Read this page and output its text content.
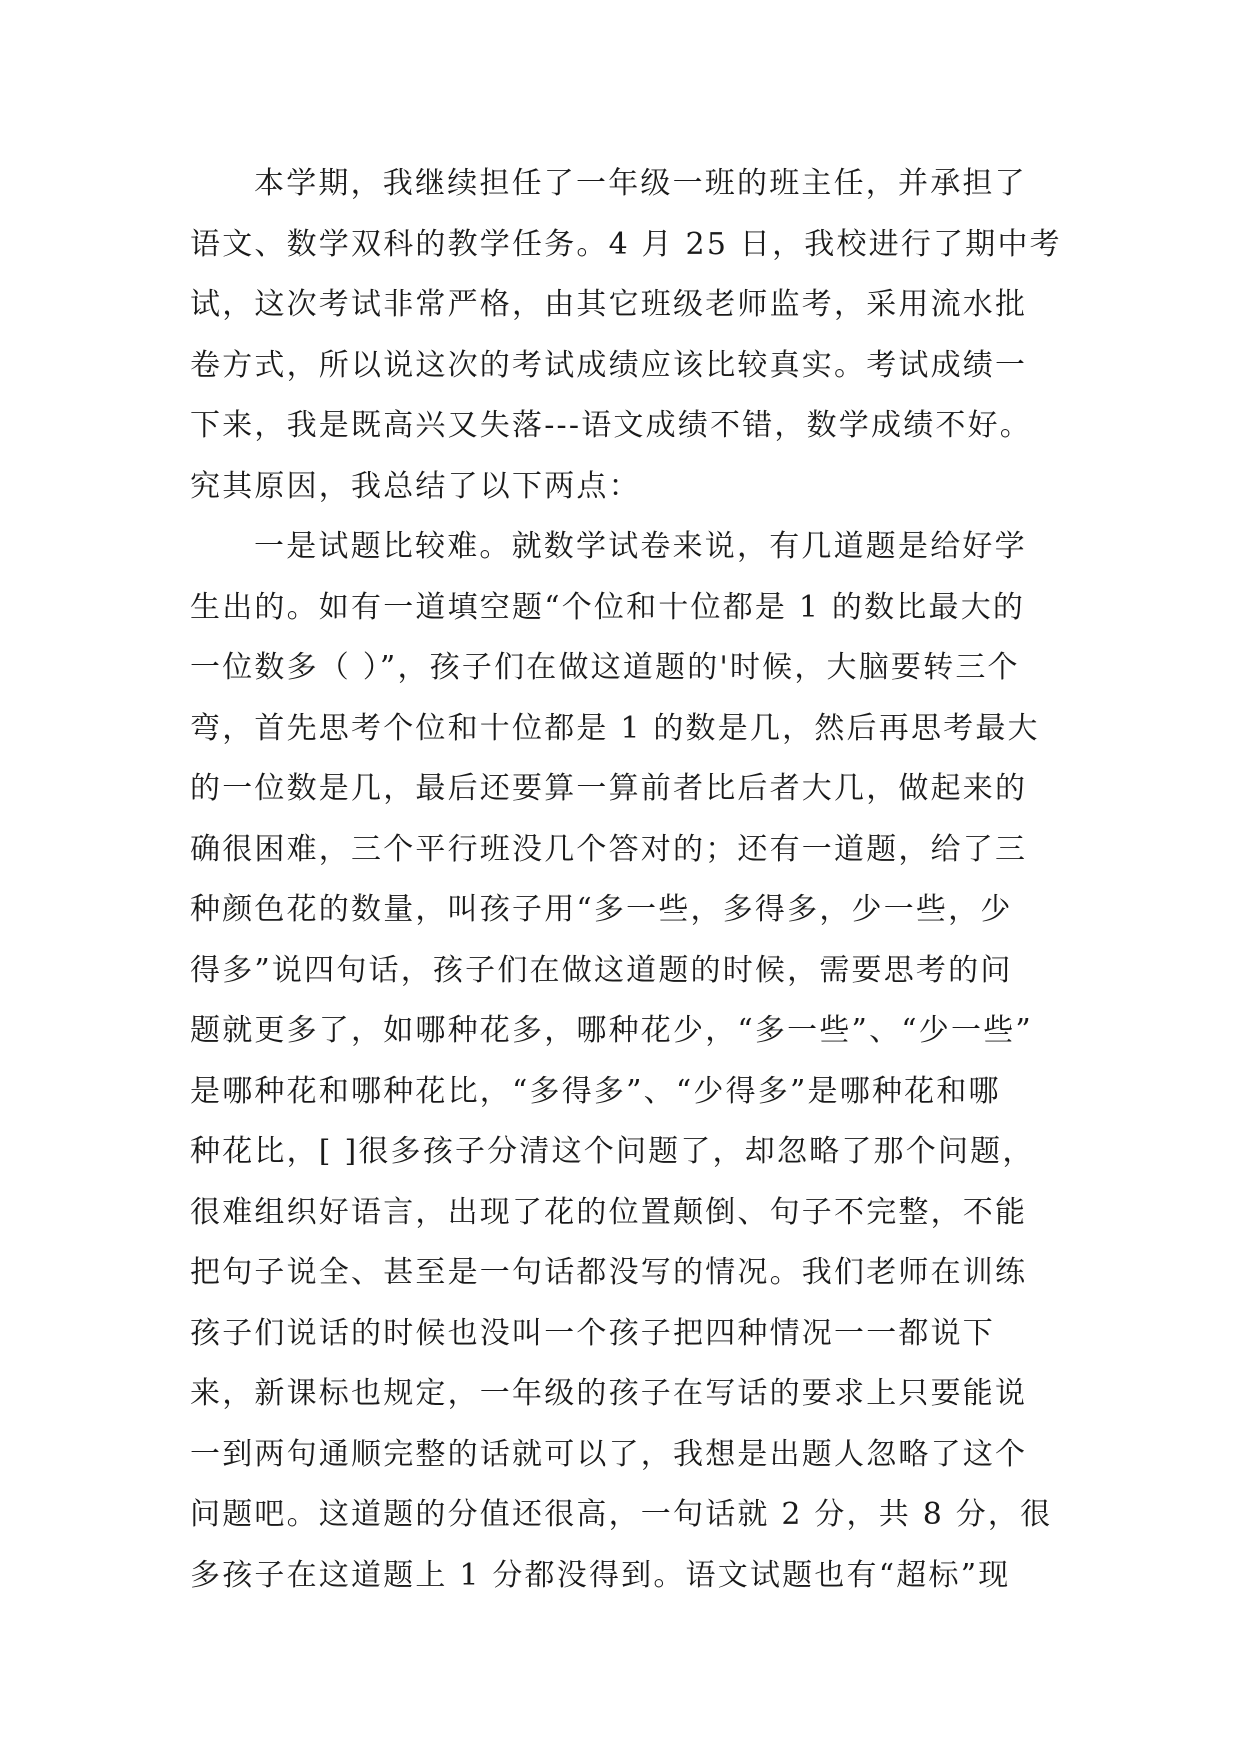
本学期，我继续担任了一年级一班的班主任，并承担了
语文、数学双科的教学任务。4 月 25 日，我校进行了期中考
试，这次考试非常严格，由其它班级老师监考，采用流水批
卷方式，所以说这次的考试成绩应该比较真实。考试成绩一
下来，我是既高兴又失落---语文成绩不错，数学成绩不好。
究其原因，我总结了以下两点：
一是试题比较难。就数学试卷来说，有几道题是给好学
生出的。如有一道填空题“个位和十位都是 1 的数比最大的
一位数多（ ）”，孩子们在做这道题的'时候，大脑要转三个
弯，首先思考个位和十位都是 1 的数是几，然后再思考最大
的一位数是几，最后还要算一算前者比后者大几，做起来的
确很困难，三个平行班没几个答对的；还有一道题，给了三
种颜色花的数量，叫孩子用“多一些，多得多，少一些，少
得多”说四句话，孩子们在做这道题的时候，需要思考的问
题就更多了，如哪种花多，哪种花少，“多一些”、“少一些”
是哪种花和哪种花比，“多得多”、“少得多”是哪种花和哪
种花比，[ ]很多孩子分清这个问题了，却忽略了那个问题，
很难组织好语言，出现了花的位置颠倒、句子不完整，不能
把句子说全、甚至是一句话都没写的情况。我们老师在训练
孩子们说话的时候也没叫一个孩子把四种情况一一都说下
来，新课标也规定，一年级的孩子在写话的要求上只要能说
一到两句通顺完整的话就可以了，我想是出题人忽略了这个
问题吧。这道题的分值还很高，一句话就 2 分，共 8 分，很
多孩子在这道题上 1 分都没得到。语文试题也有“超标”现
